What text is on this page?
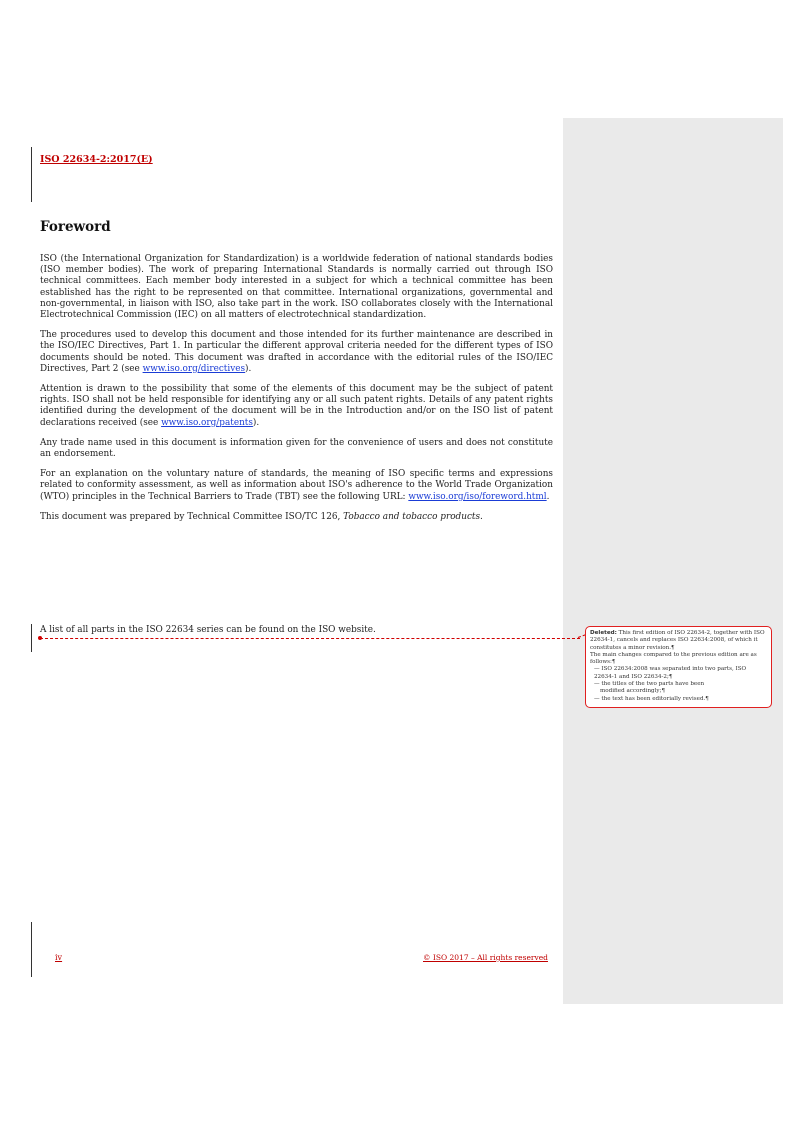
ISO 22634-2:2017(E)
Foreword

ISO (the International Organization for Standardization) is a worldwide federation of national standards bodies (ISO member bodies). The work of preparing International Standards is normally carried out through ISO technical committees. Each member body interested in a subject for which a technical committee has been established has the right to be represented on that committee. International organizations, governmental and non-governmental, in liaison with ISO, also take part in the work. ISO collaborates closely with the International Electrotechnical Commission (IEC) on all matters of electrotechnical standardization.

The procedures used to develop this document and those intended for its further maintenance are described in the ISO/IEC Directives, Part 1. In particular the different approval criteria needed for the different types of ISO documents should be noted. This document was drafted in accordance with the editorial rules of the ISO/IEC Directives, Part 2 (see www.iso.org/directives).

Attention is drawn to the possibility that some of the elements of this document may be the subject of patent rights. ISO shall not be held responsible for identifying any or all such patent rights. Details of any patent rights identified during the development of the document will be in the Introduction and/or on the ISO list of patent declarations received (see www.iso.org/patents).

Any trade name used in this document is information given for the convenience of users and does not constitute an endorsement.

For an explanation on the voluntary nature of standards, the meaning of ISO specific terms and expressions related to conformity assessment, as well as information about ISO's adherence to the World Trade Organization (WTO) principles in the Technical Barriers to Trade (TBT) see the following URL: www.iso.org/iso/foreword.html.

This document was prepared by Technical Committee ISO/TC 126, Tobacco and tobacco products.

A list of all parts in the ISO 22634 series can be found on the ISO website.	Deleted: This first edition of ISO 22634-2, together with ISO 22634-1, cancels and replaces ISO 22634:2008, of which it constitutes a minor revision.¶
The main changes compared to the previous edition are as follows:¶
— ISO 22634:2008 was separated into two parts, ISO 22634-1 and ISO 22634-2;¶
— the titles of the two parts have been
modified accordingly;¶
— the text has been editorially revised.¶
iv	© ISO 2017 – All rights reserved
